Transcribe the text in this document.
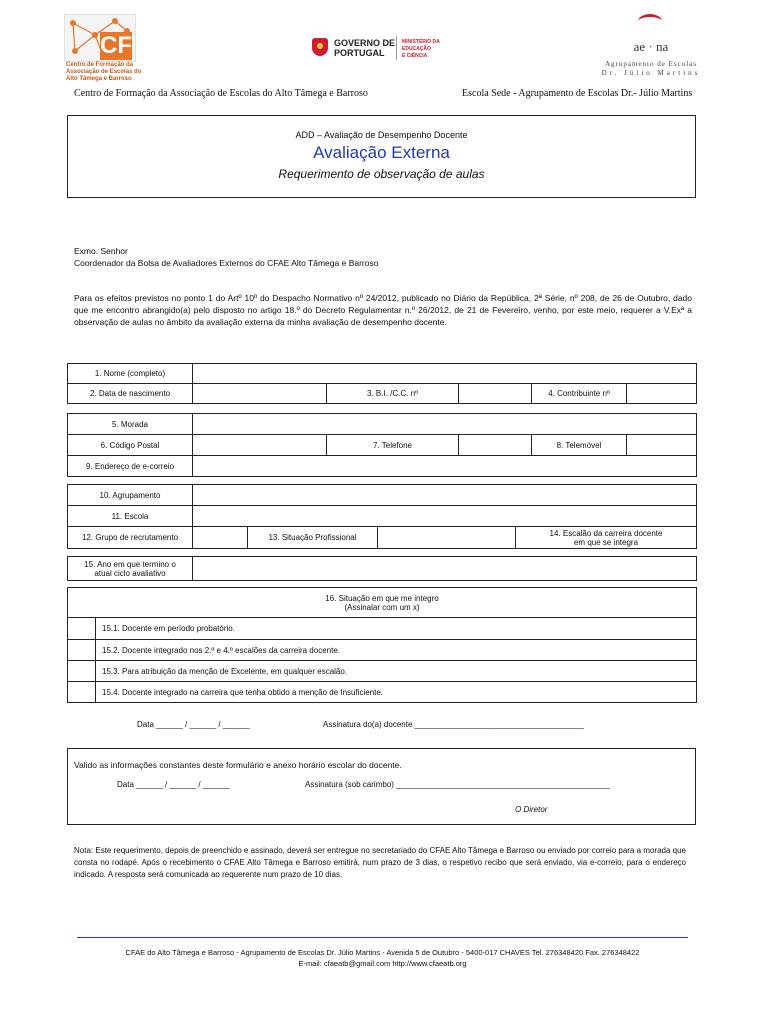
CF
Centro de Formação da
Associação de Escolas do
Alto Tâmega e Barroso
GOVERNO DE
PORTUGAL
MINISTÉRIO DA EDUCAÇÃO
E CIÊNCIA
ae · na
Agrupamento de Escolas
Dr. Júlio Martins
Centro de Formação da Associação de Escolas do Alto Tâmega e Barroso	Escola Sede - Agrupamento de Escolas Dr.- Júlio Martins
ADD – Avaliação de Desempenho Docente
Avaliação Externa
Requerimento de observação de aulas
Exmo. Senhor
Coordenador da Bolsa de Avaliadores Externos do CFAE Alto Tâmega e Barroso
Para os efeitos previstos no ponto 1 do Artº 10º do Despacho Normativo nº 24/2012, publicado no Diário da República, 2ª Série, nº 208, de 26 de Outubro, dado que me encontro abrangido(a) pelo disposto no artigo 18.º do Decreto Regulamentar n.º 26/2012, de 21 de Fevereiro, venho, por este meio, requerer a V.Exª a observação de aulas no âmbito da avaliação externa da minha avaliação de desempenho docente.
1. Nome (completo)					
2. Data de nascimento		3. B.I. /C.C. nº		4. Contribuinte nº	
5. Morada					
6. Código Postal		7. Telefone		8. Telemóvel	
9. Endereço de e-correio					
10. Agrupamento				
11. Escola				
12. Grupo de recrutamento		13. Situação Profissional		14. Escalão da carreira docente
em que se integra
15. Ano em que termino o
atual ciclo avaliativo

16. Situação em que me integro
(Assinalar com um x)	

	15.1. Docente em período probatório.
	15.2. Docente integrado nos 2.º e 4.º escalões da carreira docente.
	15.3. Para atribuição da menção de Excelente, em qualquer escalão.
	15.4. Docente integrado na carreira que tenha obtido a menção de Insuficiente.
Data ______ / ______ / ______	Assinatura do(a) docente ______________________________________
Valido as informações constantes deste formulário e anexo horário escolar do docente.
Data ______ / ______ / ______	Assinatura (sob carimbo) ________________________________________________
O Diretor
Nota: Este requerimento, depois de preenchido e assinado, deverá ser entregue no secretariado do CFAE Alto Tâmega e Barroso ou enviado por correio para a morada que consta no rodapé. Após o recebimento o CFAE Alto Tâmega e Barroso emitirá, num prazo de 3 dias, o respetivo recibo que será enviado, via e-correio, para o endereço indicado. A resposta será comunicada ao requerente num prazo de 10 dias.
CFAE do Alto Tâmega e Barroso - Agrupamento de Escolas Dr. Júlio Martins - Avenida 5 de Outubro - 5400-017 CHAVES Tel. 276348420 Fax. 276348422
E-mail: cfaeatb@gmail.com http://www.cfaeatb.org
